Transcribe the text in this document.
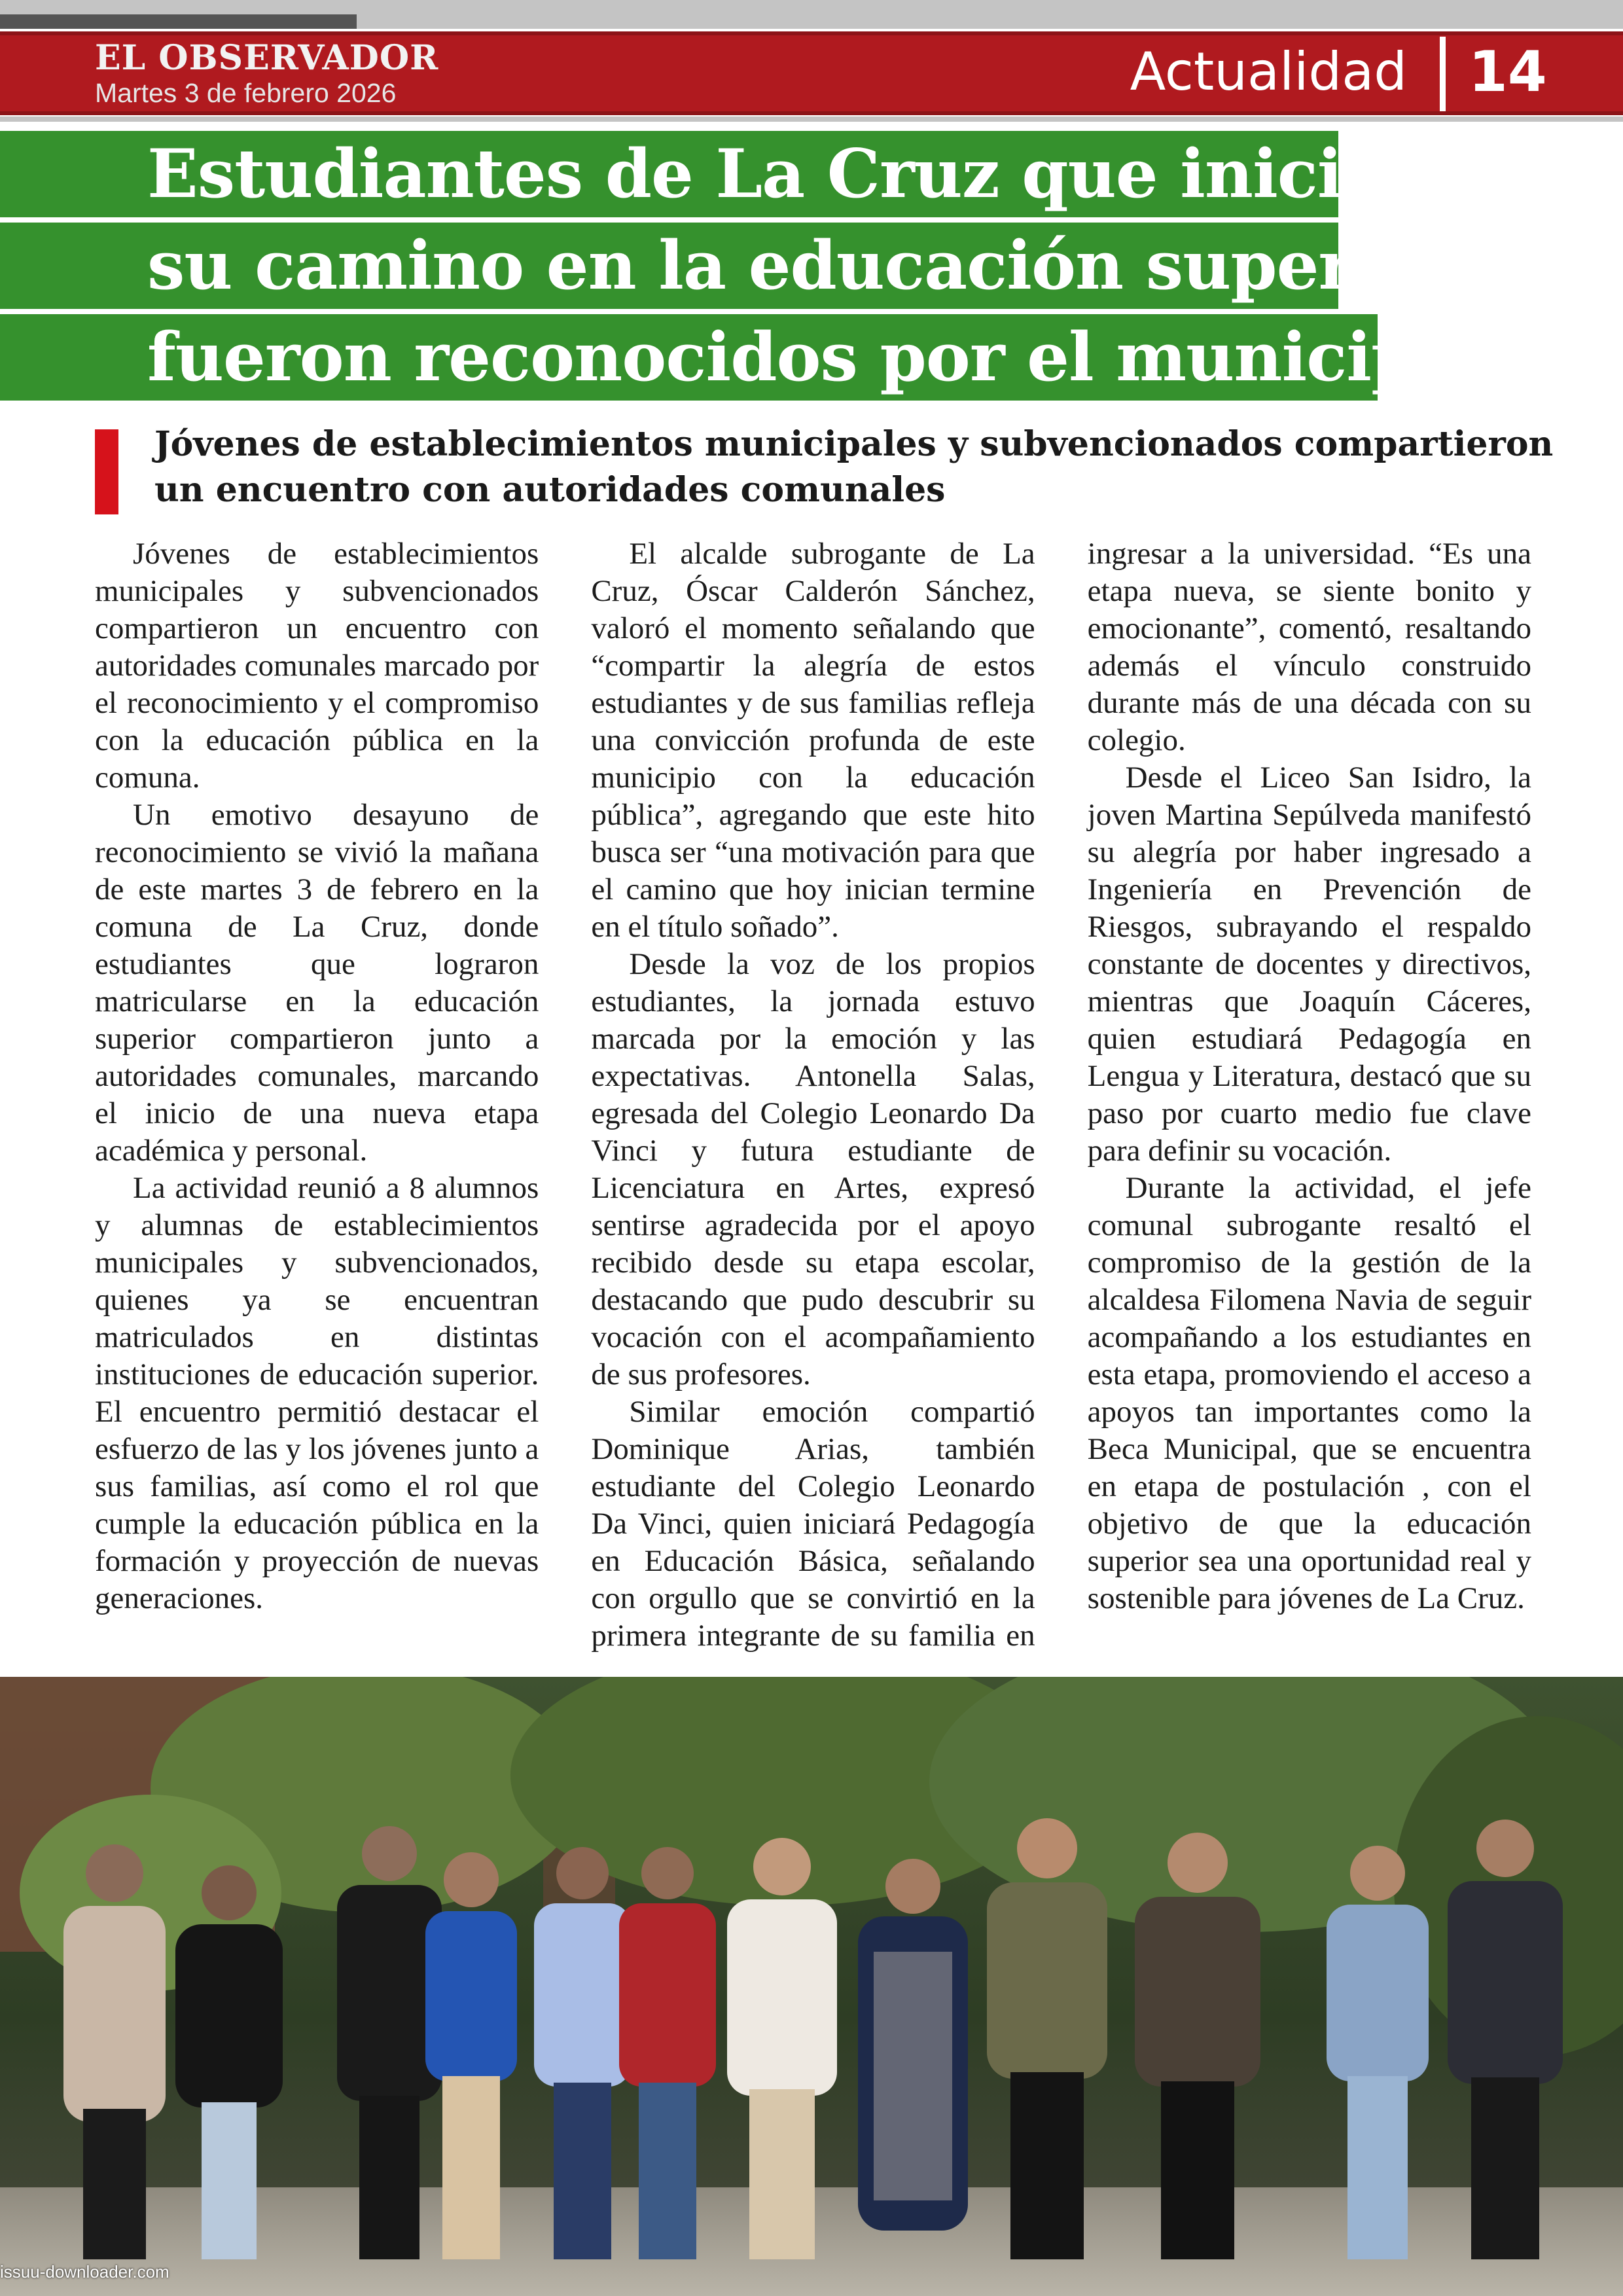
EL OBSERVADOR
Martes 3 de febrero 2026	Actualidad 14
Estudiantes de La Cruz que inician
su camino en la educación superior
fueron reconocidos por el municipio
Jóvenes de establecimientos municipales y subvencionados compartieron un encuentro con autoridades comunales

Jóvenes de establecimientos municipales y subvencionados compartieron un encuentro con autoridades comunales marcado por el reconocimiento y el compromiso con la educación pública en la comuna.

Un emotivo desayuno de reconocimiento se vivió la mañana de este martes 3 de febrero en la comuna de La Cruz, donde estudiantes que lograron matricularse en la educación superior compartieron junto a autoridades comunales, marcando el inicio de una nueva etapa académica y personal.

La actividad reunió a 8 alumnos y alumnas de establecimientos municipales y subvencionados, quienes ya se encuentran matriculados en distintas instituciones de educación superior. El encuentro permitió destacar el esfuerzo de las y los jóvenes junto a sus familias, así como el rol que cumple la educación pública en la formación y proyección de nuevas generaciones.

El alcalde subrogante de La Cruz, Óscar Calderón Sánchez, valoró el momento señalando que “compartir la alegría de estos estudiantes y de sus familias refleja una convicción profunda de este municipio con la educación pública”, agregando que este hito busca ser “una motivación para que el camino que hoy inician termine en el título soñado”.

Desde la voz de los propios estudiantes, la jornada estuvo marcada por la emoción y las expectativas. Antonella Salas, egresada del Colegio Leonardo Da Vinci y futura estudiante de Licenciatura en Artes, expresó sentirse agradecida por el apoyo recibido desde su etapa escolar, destacando que pudo descubrir su vocación con el acompañamiento de sus profesores.

Similar emoción compartió Dominique Arias, también estudiante del Colegio Leonardo Da Vinci, quien iniciará Pedagogía en Educación Básica, señalando con orgullo que se convirtió en la primera integrante de su familia en ingresar a la universidad. “Es una etapa nueva, se siente bonito y emocionante”, comentó, resaltando además el vínculo construido durante más de una década con su colegio.

Desde el Liceo San Isidro, la joven Martina Sepúlveda manifestó su alegría por haber ingresado a Ingeniería en Prevención de Riesgos, subrayando el respaldo constante de docentes y directivos, mientras que Joaquín Cáceres, quien estudiará Pedagogía en Lengua y Literatura, destacó que su paso por cuarto medio fue clave para definir su vocación.

Durante la actividad, el jefe comunal subrogante resaltó el compromiso de la gestión de la alcaldesa Filomena Navia de seguir acompañando a los estudiantes en esta etapa, promoviendo el acceso a apoyos tan importantes como la Beca Municipal, que se encuentra en etapa de postulación , con el objetivo de que la educación superior sea una oportunidad real y sostenible para jóvenes de La Cruz.

issuu-downloader.com
